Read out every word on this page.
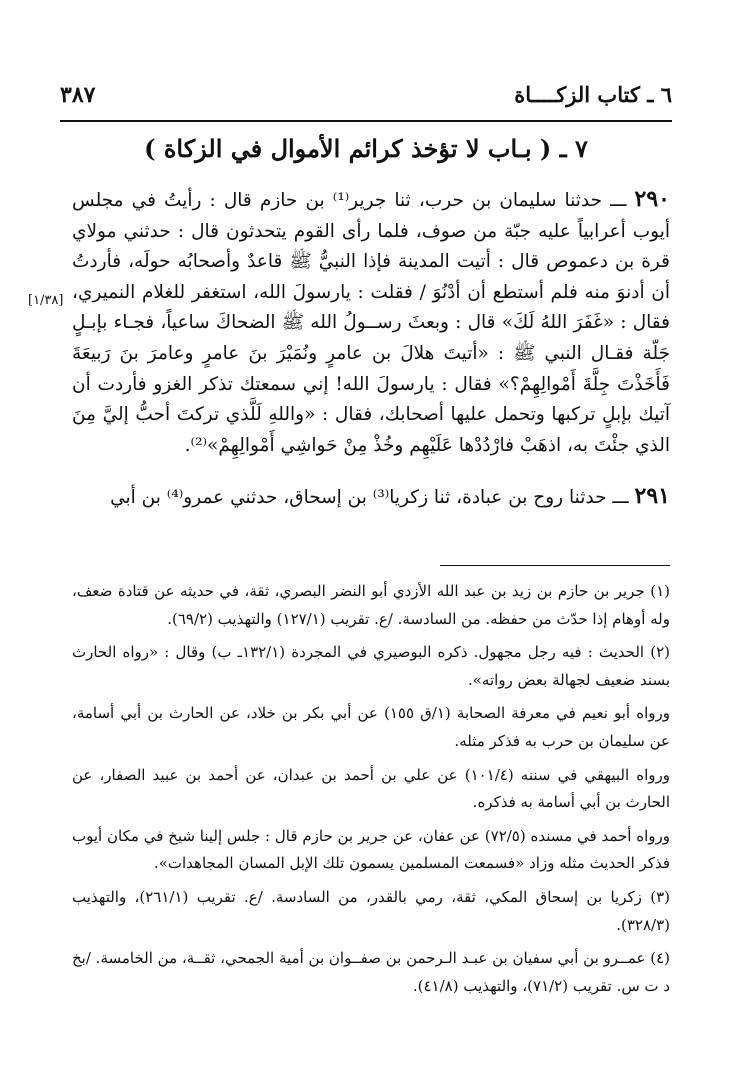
٦ ـ كتاب الزكــــاة
٣٨٧
٧ ـ ( بـاب لا تؤخذ كرائم الأموال في الزكاة )

٢٩٠ ـــ حدثنا سليمان بن حرب، ثنا جرير⁽¹⁾ بن حازم قال : رأيتُ في مجلس أيوب أعرابياً عليه جبّة من صوف، فلما رأى القوم يتحدثون قال : حدثني مولاي قرة بن دعموص قال : أتيت المدينة فإذا النبيُّ ﷺ قاعدٌ وأصحابُه حولَه، فأردتُ أن أدنوَ منه فلم أستطع أن أدْنُوَ / فقلت : يارسولَ الله، استغفر للغلام النميري، فقال : «غَفَرَ اللهُ لَكَ» قال : وبعثَ رســولُ الله ﷺ الضحاكَ ساعياً، فجـاء بإبـلٍ جَلّة فقـال النبي ﷺ : «أتيتَ هلالَ بن عامرٍ ونُمَيْرَ بنَ عامرٍ وعامرَ بنَ رَبيعَةَ فَأَخَذْتَ جِلَّةَ أَمْوالِهِمْ؟» فقال : يارسولَ الله! إني سمعتك تذكر الغزو فأردت أن آتيك بإبلٍ تركبها وتحمل عليها أصحابك، فقال : «واللهِ لَلَّذي تركتَ أحبُّ إليَّ مِنَ الذي جئْتَ به، اذهَبْ فارْدُدْها عَلَيْهِم وخُذْ مِنْ حَواشِي أَمْوالِهِمْ»⁽²⁾.

٢٩١ ـــ حدثنا روح بن عبادة، ثنا زكريا⁽³⁾ بن إسحاق، حدثني عمرو⁽⁴⁾ بن أبي

[١/٣٨]

(١) جرير بن حازم بن زيد بن عبد الله الأزدي أبو النضر البصري، ثقة، في حديثه عن قتادة ضعف، وله أوهام إذا حدّث من حفظه. من السادسة. /ع. تقريب (١٢٧/١) والتهذيب (٦٩/٢).

(٢) الحديث : فيه رجل مجهول. ذكره البوصيري في المجردة (١٣٢/١ـ ب) وقال : «رواه الحارث بسند ضعيف لجهالة بعض رواته».

ورواه أبو نعيم في معرفة الصحابة (١/ق ١٥٥) عن أبي بكر بن خلاد، عن الحارث بن أبي أسامة، عن سليمان بن حرب به فذكر مثله.

ورواه البيهقي في سننه (١٠١/٤) عن علي بن أحمد بن عبدان، عن أحمد بن عبيد الصفار، عن الحارث بن أبي أسامة به فذكره.

ورواه أحمد في مسنده (٧٢/٥) عن عفان، عن جرير بن حازم قال : جلس إلينا شيخ في مكان أيوب فذكر الحديث مثله وزاد «فسمعت المسلمين يسمون تلك الإبل المسان المجاهدات».

(٣) زكريا بن إسحاق المكي، ثقة، رمي بالقدر، من السادسة. /ع. تقريب (٢٦١/١)، والتهذيب (٣٢٨/٣).

(٤) عمــرو بن أبي سفيان بن عبـد الـرحمن بن صفــوان بن أمية الجمحي، ثقــة، من الخامسة. /بخ د ت س. تقريب (٧١/٢)، والتهذيب (٤١/٨).
